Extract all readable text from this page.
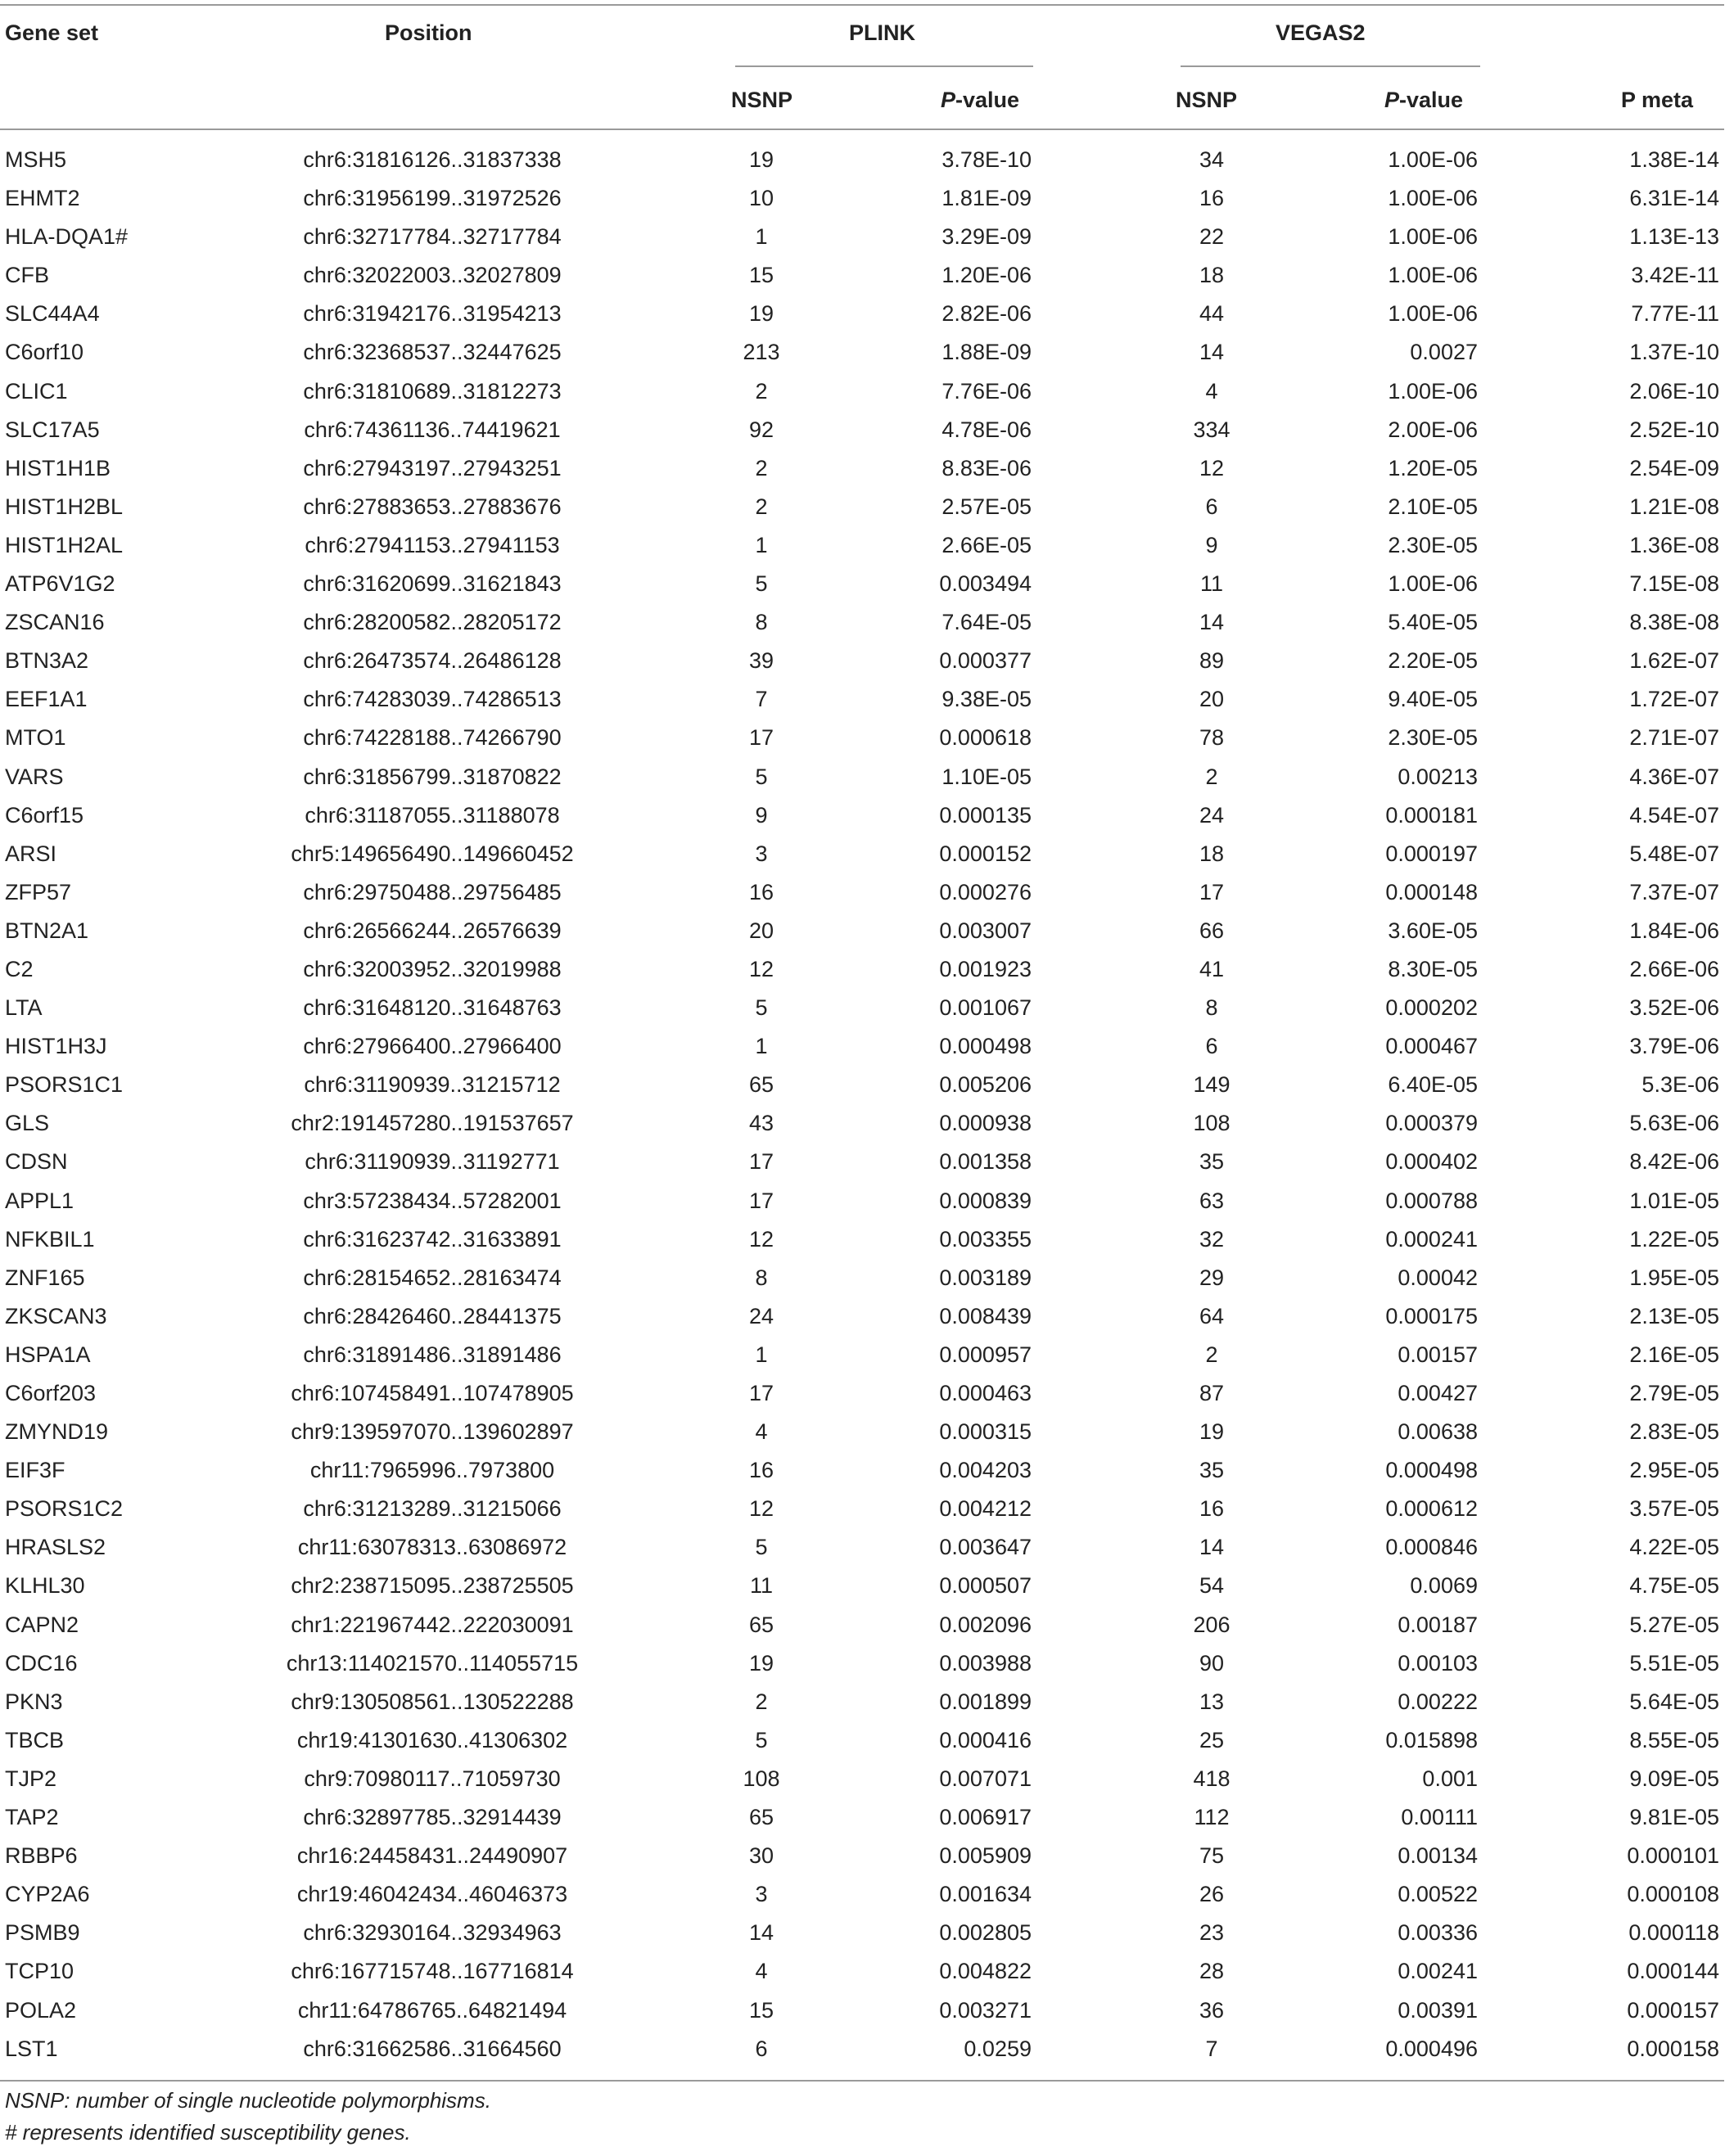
Gene set	Position	PLINK	VEGAS2
NSNP	P-value	NSNP	P-value	P meta
MSH5	chr6:31816126..31837338	19	3.78E-10	34	1.00E-06	1.38E-14
EHMT2	chr6:31956199..31972526	10	1.81E-09	16	1.00E-06	6.31E-14
HLA-DQA1#	chr6:32717784..32717784	1	3.29E-09	22	1.00E-06	1.13E-13
CFB	chr6:32022003..32027809	15	1.20E-06	18	1.00E-06	3.42E-11
SLC44A4	chr6:31942176..31954213	19	2.82E-06	44	1.00E-06	7.77E-11
C6orf10	chr6:32368537..32447625	213	1.88E-09	14	0.0027	1.37E-10
CLIC1	chr6:31810689..31812273	2	7.76E-06	4	1.00E-06	2.06E-10
SLC17A5	chr6:74361136..74419621	92	4.78E-06	334	2.00E-06	2.52E-10
HIST1H1B	chr6:27943197..27943251	2	8.83E-06	12	1.20E-05	2.54E-09
HIST1H2BL	chr6:27883653..27883676	2	2.57E-05	6	2.10E-05	1.21E-08
HIST1H2AL	chr6:27941153..27941153	1	2.66E-05	9	2.30E-05	1.36E-08
ATP6V1G2	chr6:31620699..31621843	5	0.003494	11	1.00E-06	7.15E-08
ZSCAN16	chr6:28200582..28205172	8	7.64E-05	14	5.40E-05	8.38E-08
BTN3A2	chr6:26473574..26486128	39	0.000377	89	2.20E-05	1.62E-07
EEF1A1	chr6:74283039..74286513	7	9.38E-05	20	9.40E-05	1.72E-07
MTO1	chr6:74228188..74266790	17	0.000618	78	2.30E-05	2.71E-07
VARS	chr6:31856799..31870822	5	1.10E-05	2	0.00213	4.36E-07
C6orf15	chr6:31187055..31188078	9	0.000135	24	0.000181	4.54E-07
ARSI	chr5:149656490..149660452	3	0.000152	18	0.000197	5.48E-07
ZFP57	chr6:29750488..29756485	16	0.000276	17	0.000148	7.37E-07
BTN2A1	chr6:26566244..26576639	20	0.003007	66	3.60E-05	1.84E-06
C2	chr6:32003952..32019988	12	0.001923	41	8.30E-05	2.66E-06
LTA	chr6:31648120..31648763	5	0.001067	8	0.000202	3.52E-06
HIST1H3J	chr6:27966400..27966400	1	0.000498	6	0.000467	3.79E-06
PSORS1C1	chr6:31190939..31215712	65	0.005206	149	6.40E-05	5.3E-06
GLS	chr2:191457280..191537657	43	0.000938	108	0.000379	5.63E-06
CDSN	chr6:31190939..31192771	17	0.001358	35	0.000402	8.42E-06
APPL1	chr3:57238434..57282001	17	0.000839	63	0.000788	1.01E-05
NFKBIL1	chr6:31623742..31633891	12	0.003355	32	0.000241	1.22E-05
ZNF165	chr6:28154652..28163474	8	0.003189	29	0.00042	1.95E-05
ZKSCAN3	chr6:28426460..28441375	24	0.008439	64	0.000175	2.13E-05
HSPA1A	chr6:31891486..31891486	1	0.000957	2	0.00157	2.16E-05
C6orf203	chr6:107458491..107478905	17	0.000463	87	0.00427	2.79E-05
ZMYND19	chr9:139597070..139602897	4	0.000315	19	0.00638	2.83E-05
EIF3F	chr11:7965996..7973800	16	0.004203	35	0.000498	2.95E-05
PSORS1C2	chr6:31213289..31215066	12	0.004212	16	0.000612	3.57E-05
HRASLS2	chr11:63078313..63086972	5	0.003647	14	0.000846	4.22E-05
KLHL30	chr2:238715095..238725505	11	0.000507	54	0.0069	4.75E-05
CAPN2	chr1:221967442..222030091	65	0.002096	206	0.00187	5.27E-05
CDC16	chr13:114021570..114055715	19	0.003988	90	0.00103	5.51E-05
PKN3	chr9:130508561..130522288	2	0.001899	13	0.00222	5.64E-05
TBCB	chr19:41301630..41306302	5	0.000416	25	0.015898	8.55E-05
TJP2	chr9:70980117..71059730	108	0.007071	418	0.001	9.09E-05
TAP2	chr6:32897785..32914439	65	0.006917	112	0.00111	9.81E-05
RBBP6	chr16:24458431..24490907	30	0.005909	75	0.00134	0.000101
CYP2A6	chr19:46042434..46046373	3	0.001634	26	0.00522	0.000108
PSMB9	chr6:32930164..32934963	14	0.002805	23	0.00336	0.000118
TCP10	chr6:167715748..167716814	4	0.004822	28	0.00241	0.000144
POLA2	chr11:64786765..64821494	15	0.003271	36	0.00391	0.000157
LST1	chr6:31662586..31664560	6	0.0259	7	0.000496	0.000158
NSNP: number of single nucleotide polymorphisms.
# represents identified susceptibility genes.
